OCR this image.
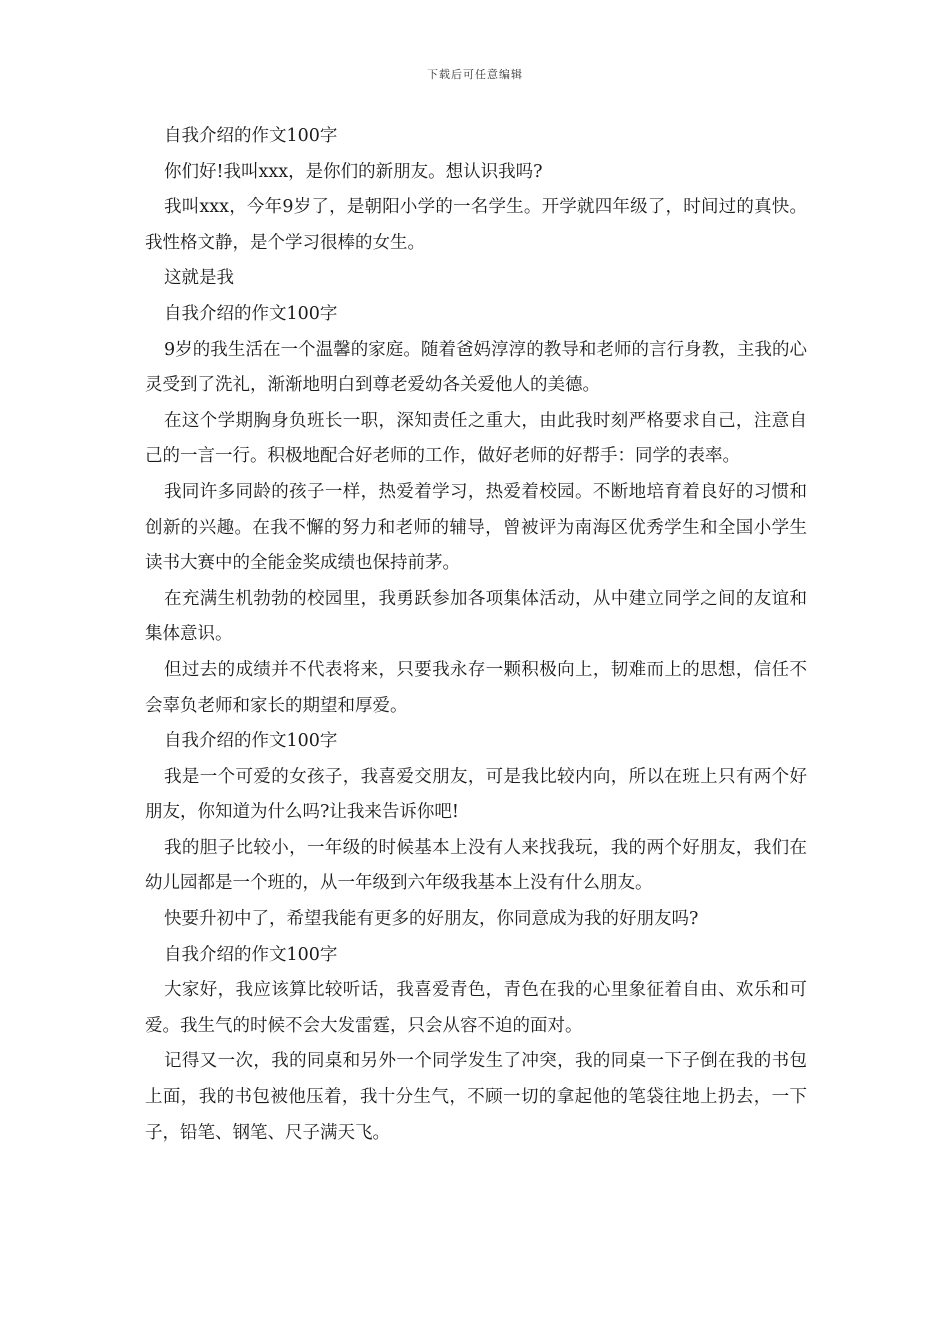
下载后可任意编辑

自我介绍的作文100字

你们好!我叫xxx，是你们的新朋友。想认识我吗?

我叫xxx，今年9岁了，是朝阳小学的一名学生。开学就四年级了，时间过的真快。我性格文静，是个学习很棒的女生。

这就是我

自我介绍的作文100字

9岁的我生活在一个温馨的家庭。随着爸妈淳淳的教导和老师的言行身教，主我的心灵受到了洗礼，渐渐地明白到尊老爱幼各关爱他人的美德。

在这个学期胸身负班长一职，深知责任之重大，由此我时刻严格要求自己，注意自己的一言一行。积极地配合好老师的工作，做好老师的好帮手：同学的表率。

我同许多同龄的孩子一样，热爱着学习，热爱着校园。不断地培育着良好的习惯和创新的兴趣。在我不懈的努力和老师的辅导，曾被评为南海区优秀学生和全国小学生读书大赛中的全能金奖成绩也保持前茅。

在充满生机勃勃的校园里，我勇跃参加各项集体活动，从中建立同学之间的友谊和集体意识。

但过去的成绩并不代表将来，只要我永存一颗积极向上，韧难而上的思想，信任不会辜负老师和家长的期望和厚爱。

自我介绍的作文100字

我是一个可爱的女孩子，我喜爱交朋友，可是我比较内向，所以在班上只有两个好朋友，你知道为什么吗?让我来告诉你吧!

我的胆子比较小，一年级的时候基本上没有人来找我玩，我的两个好朋友，我们在幼儿园都是一个班的，从一年级到六年级我基本上没有什么朋友。

快要升初中了，希望我能有更多的好朋友，你同意成为我的好朋友吗?

自我介绍的作文100字

大家好，我应该算比较听话，我喜爱青色，青色在我的心里象征着自由、欢乐和可爱。我生气的时候不会大发雷霆，只会从容不迫的面对。

记得又一次，我的同桌和另外一个同学发生了冲突，我的同桌一下子倒在我的书包上面，我的书包被他压着，我十分生气，不顾一切的拿起他的笔袋往地上扔去，一下子，铅笔、钢笔、尺子满天飞。
